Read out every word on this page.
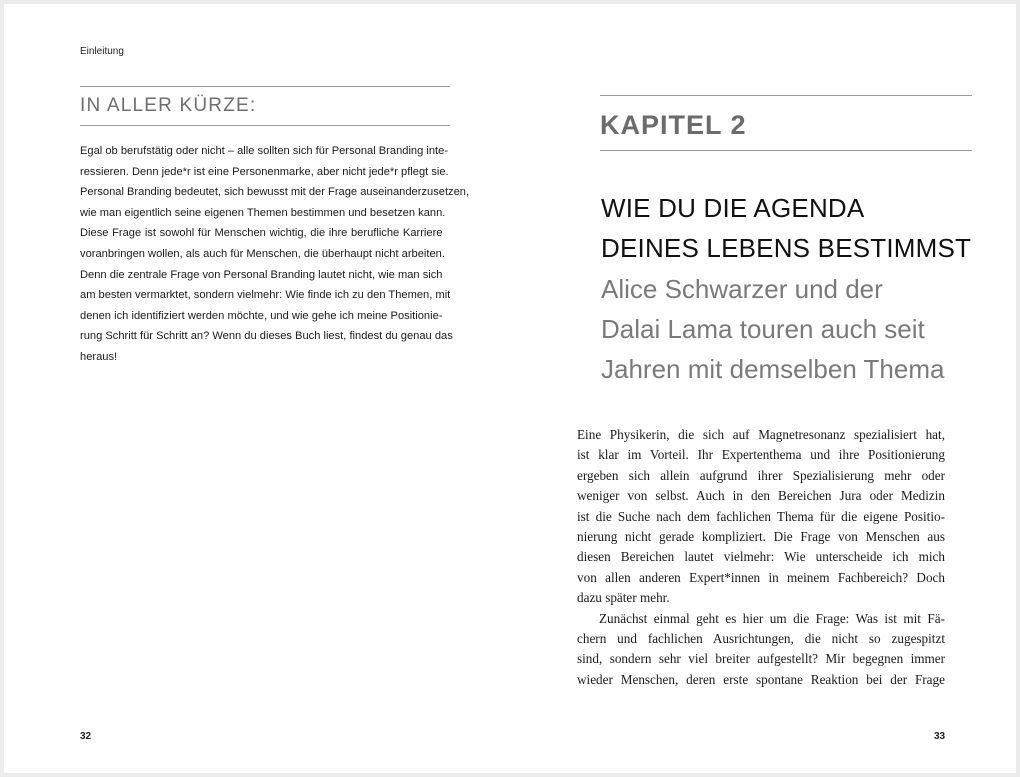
Einleitung
IN ALLER KÜRZE:
Egal ob berufstätig oder nicht – alle sollten sich für Personal Branding inte-
ressieren. Denn jede*r ist eine Personenmarke, aber nicht jede*r pflegt sie.
Personal Branding bedeutet, sich bewusst mit der Frage auseinanderzusetzen,
wie man eigentlich seine eigenen Themen bestimmen und besetzen kann.
Diese Frage ist sowohl für Menschen wichtig, die ihre berufliche Karriere
voranbringen wollen, als auch für Menschen, die überhaupt nicht arbeiten.
Denn die zentrale Frage von Personal Branding lautet nicht, wie man sich
am besten vermarktet, sondern vielmehr: Wie finde ich zu den Themen, mit
denen ich identifiziert werden möchte, und wie gehe ich meine Positionie-
rung Schritt für Schritt an? Wenn du dieses Buch liest, findest du genau das
heraus!
32
KAPITEL 2
WIE DU DIE AGENDA
DEINES LEBENS BESTIMMST
Alice Schwarzer und der
Dalai Lama touren auch seit
Jahren mit demselben Thema
Eine Physikerin, die sich auf Magnetresonanz spezialisiert hat,
ist klar im Vorteil. Ihr Expertenthema und ihre Positionierung
ergeben sich allein aufgrund ihrer Spezialisierung mehr oder
weniger von selbst. Auch in den Bereichen Jura oder Medizin
ist die Suche nach dem fachlichen Thema für die eigene Positio-
nierung nicht gerade kompliziert. Die Frage von Menschen aus
diesen Bereichen lautet vielmehr: Wie unterscheide ich mich
von allen anderen Expert*innen in meinem Fachbereich? Doch
dazu später mehr.
Zunächst einmal geht es hier um die Frage: Was ist mit Fä-
chern und fachlichen Ausrichtungen, die nicht so zugespitzt
sind, sondern sehr viel breiter aufgestellt? Mir begegnen immer
wieder Menschen, deren erste spontane Reaktion bei der Frage
33
